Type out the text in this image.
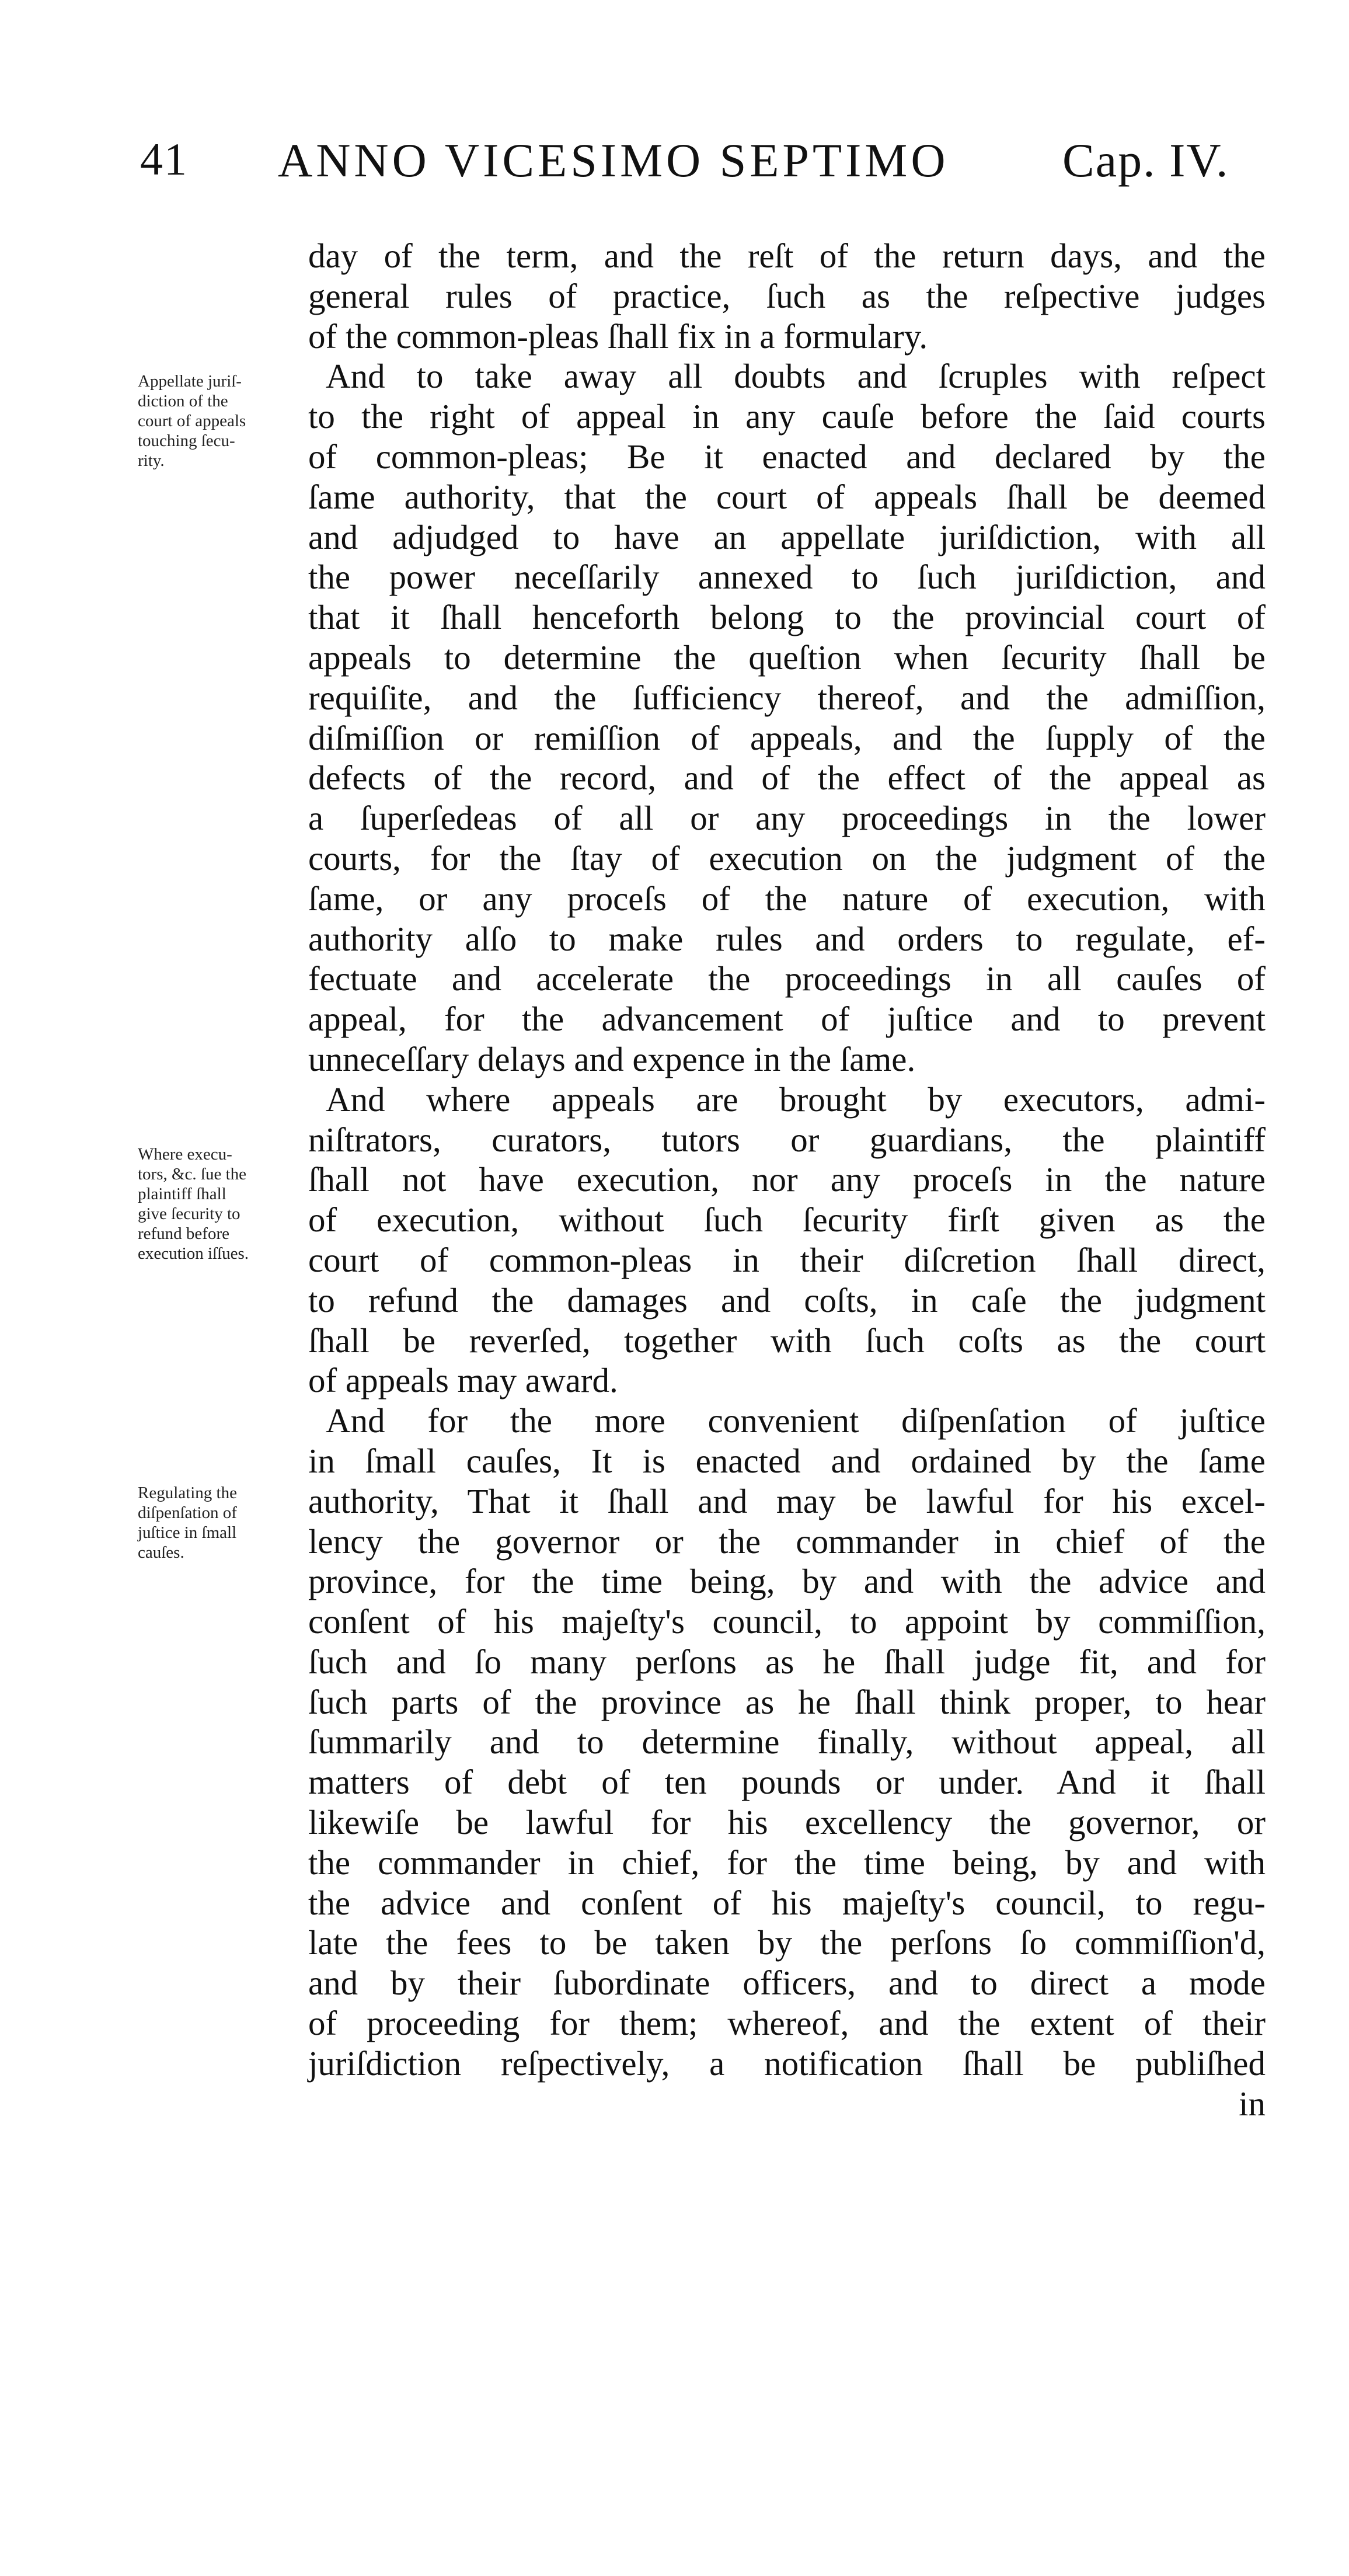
41 ANNO VICESIMO SEPTIMO Cap. IV.
Appellate juriſ-
diction of the
court of appeals
touching ſecu-
rity.
Where execu-
tors, &c. ſue the
plaintiff ſhall
give ſecurity to
refund before
execution iſſues.
Regulating the
diſpenſation of
juſtice in ſmall
cauſes.
day of the term, and the reſt of the return days, and the
general rules of practice, ſuch as the reſpective judges
of the common-pleas ſhall fix in a formulary.
And to take away all doubts and ſcruples with reſpect
to the right of appeal in any cauſe before the ſaid courts
of common-pleas; Be it enacted and declared by the
ſame authority, that the court of appeals ſhall be deemed
and adjudged to have an appellate juriſdiction, with all
the power neceſſarily annexed to ſuch juriſdiction, and
that it ſhall henceforth belong to the provincial court of
appeals to determine the queſtion when ſecurity ſhall be
requiſite, and the ſufficiency thereof, and the admiſſion,
diſmiſſion or remiſſion of appeals, and the ſupply of the
defects of the record, and of the effect of the appeal as
a ſuperſedeas of all or any proceedings in the lower
courts, for the ſtay of execution on the judgment of the
ſame, or any proceſs of the nature of execution, with
authority alſo to make rules and orders to regulate, ef-
fectuate and accelerate the proceedings in all cauſes of
appeal, for the advancement of juſtice and to prevent
unneceſſary delays and expence in the ſame.
And where appeals are brought by executors, admi-
niſtrators, curators, tutors or guardians, the plaintiff
ſhall not have execution, nor any proceſs in the nature
of execution, without ſuch ſecurity firſt given as the
court of common-pleas in their diſcretion ſhall direct,
to refund the damages and coſts, in caſe the judgment
ſhall be reverſed, together with ſuch coſts as the court
of appeals may award.
And for the more convenient diſpenſation of juſtice
in ſmall cauſes, It is enacted and ordained by the ſame
authority, That it ſhall and may be lawful for his excel-
lency the governor or the commander in chief of the
province, for the time being, by and with the advice and
conſent of his majeſty's council, to appoint by commiſſion,
ſuch and ſo many perſons as he ſhall judge fit, and for
ſuch parts of the province as he ſhall think proper, to hear
ſummarily and to determine finally, without appeal, all
matters of debt of ten pounds or under. And it ſhall
likewiſe be lawful for his excellency the governor, or
the commander in chief, for the time being, by and with
the advice and conſent of his majeſty's council, to regu-
late the fees to be taken by the perſons ſo commiſſion'd,
and by their ſubordinate officers, and to direct a mode
of proceeding for them; whereof, and the extent of their
juriſdiction reſpectively, a notification ſhall be publiſhed
in
